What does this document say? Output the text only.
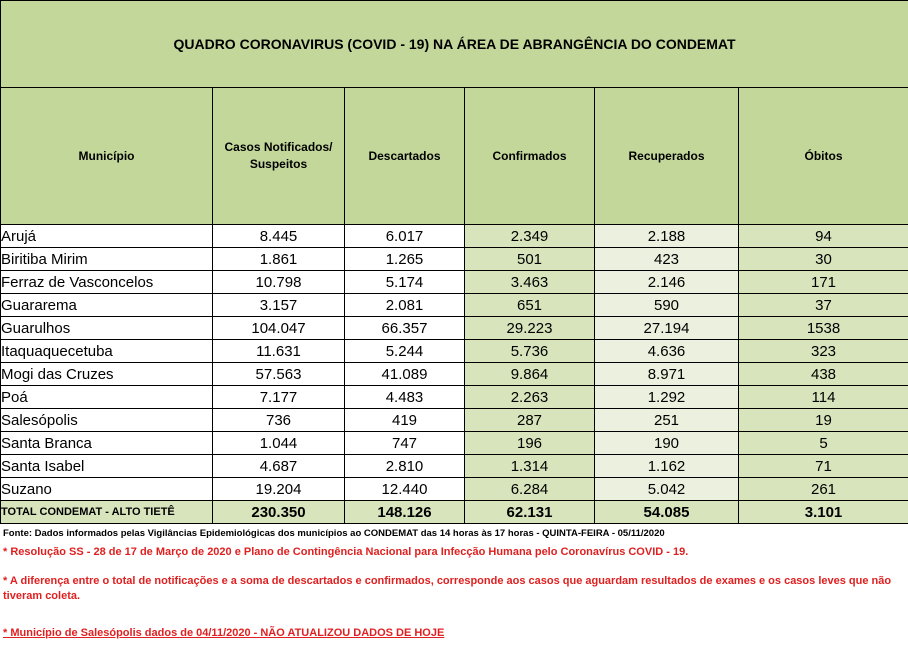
QUADRO CORONAVIRUS (COVID - 19) NA ÁREA DE ABRANGÊNCIA DO CONDEMAT					
Município	Casos Notificados/ Suspeitos	Descartados	Confirmados	Recuperados	Óbitos
Arujá	8.445	6.017	2.349	2.188	94
Biritiba Mirim	1.861	1.265	501	423	30
Ferraz de Vasconcelos	10.798	5.174	3.463	2.146	171
Guararema	3.157	2.081	651	590	37
Guarulhos	104.047	66.357	29.223	27.194	1538
Itaquaquecetuba	11.631	5.244	5.736	4.636	323
Mogi das Cruzes	57.563	41.089	9.864	8.971	438
Poá	7.177	4.483	2.263	1.292	114
Salesópolis	736	419	287	251	19
Santa Branca	1.044	747	196	190	5
Santa Isabel	4.687	2.810	1.314	1.162	71
Suzano	19.204	12.440	6.284	5.042	261
TOTAL CONDEMAT - ALTO TIETÊ	230.350	148.126	62.131	54.085	3.101
Fonte: Dados informados pelas Vigilâncias Epidemiológicas dos municípios ao CONDEMAT das 14 horas às 17 horas - QUINTA-FEIRA - 05/11/2020
* Resolução SS - 28 de 17 de Março de 2020 e Plano de Contingência Nacional para Infecção Humana pelo Coronavírus COVID - 19.
* A diferença entre o total de notificações e a soma de descartados e confirmados, corresponde aos casos que aguardam resultados de exames e os casos leves que não tiveram coleta.
* Município de Salesópolis dados de 04/11/2020 - NÃO ATUALIZOU DADOS DE HOJE
